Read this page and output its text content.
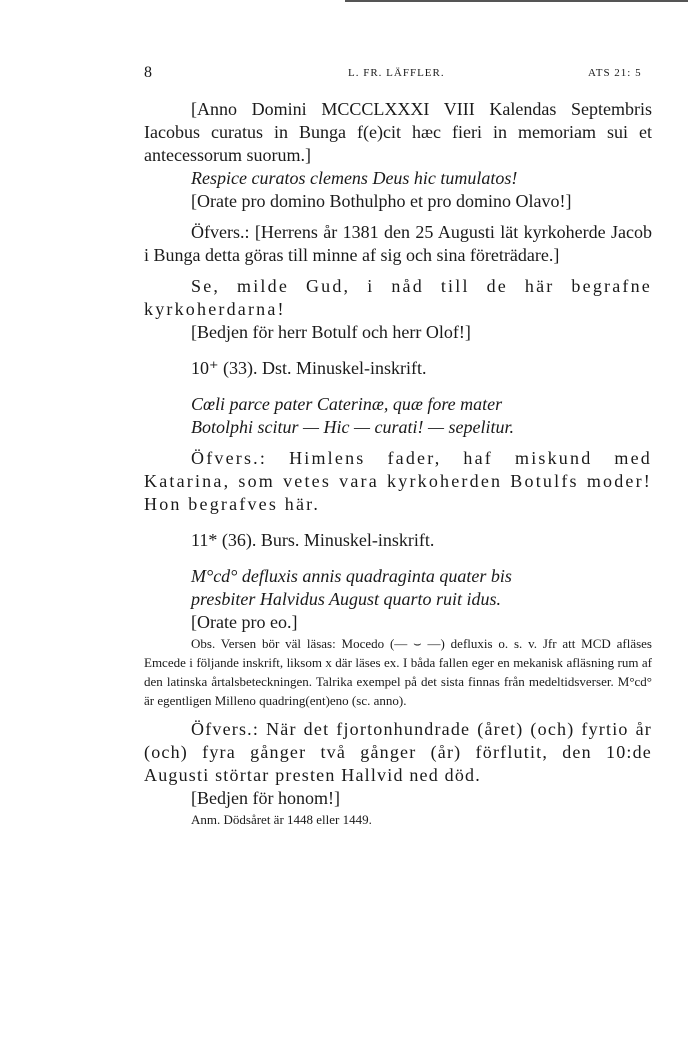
8	L. FR. LÄFFLER.	ATS 21: 5

[Anno Domini MCCCLXXXI VIII Kalendas Septembris Iacobus curatus in Bunga f(e)cit hæc fieri in memoriam sui et antecessorum suorum.]

Respice curatos clemens Deus hic tumulatos!

[Orate pro domino Bothulpho et pro domino Olavo!]

Öfvers.: [Herrens år 1381 den 25 Augusti lät kyrkoherde Jacob i Bunga detta göras till minne af sig och sina företrädare.]

Se, milde Gud, i nåd till de här begrafne kyrkoherdarna!

[Bedjen för herr Botulf och herr Olof!]

10⁺ (33). Dst. Minuskel-inskrift.

Cœli parce pater Caterinæ, quæ fore mater

Botolphi scitur — Hic — curati! — sepelitur.

Öfvers.: Himlens fader, haf miskund med Katarina, som vetes vara kyrkoherden Botulfs moder! Hon begrafves här.

11* (36). Burs. Minuskel-inskrift.

M°cd° defluxis annis quadraginta quater bis

presbiter Halvidus August quarto ruit idus.

[Orate pro eo.]

Obs. Versen bör väl läsas: Mocedo (— ⌣ —) defluxis o. s. v. Jfr att MCD afläses Emcede i följande inskrift, liksom x där läses ex. I båda fallen eger en mekanisk afläsning rum af den latinska årtalsbeteckningen. Talrika exempel på det sista finnas från medeltidsverser. M°cd° är egentligen Milleno quadring(ent)eno (sc. anno).

Öfvers.: När det fjortonhundrade (året) (och) fyrtio år (och) fyra gånger två gånger (år) förflutit, den 10:de Augusti störtar presten Hallvid ned död.

[Bedjen för honom!]

Anm. Dödsåret är 1448 eller 1449.
